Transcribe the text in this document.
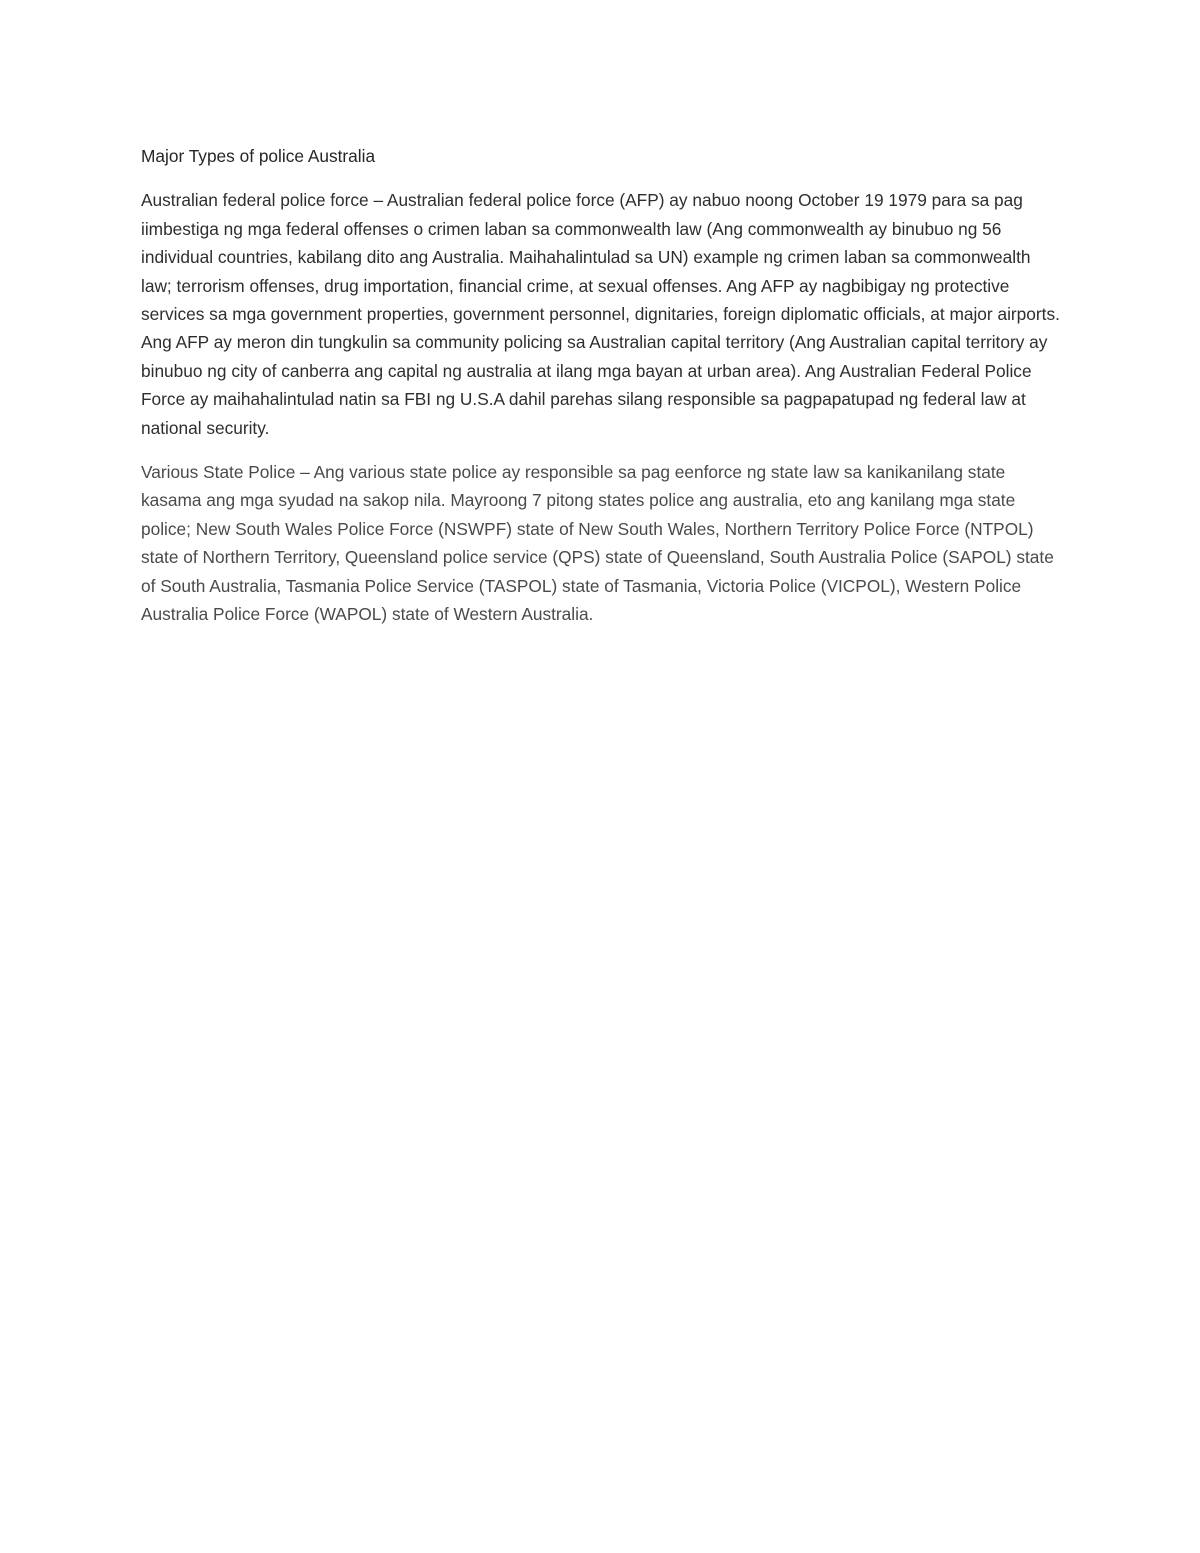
Major Types of police Australia

Australian federal police force – Australian federal police force (AFP) ay nabuo noong October 19 1979 para sa pag iimbestiga ng mga federal offenses o crimen laban sa commonwealth law (Ang commonwealth ay binubuo ng 56 individual countries, kabilang dito ang Australia. Maihahalintulad sa UN) example ng crimen laban sa commonwealth law; terrorism offenses, drug importation, financial crime, at sexual offenses. Ang AFP ay nagbibigay ng protective services sa mga government properties, government personnel, dignitaries, foreign diplomatic officials, at major airports. Ang AFP ay meron din tungkulin sa community policing sa Australian capital territory (Ang Australian capital territory ay binubuo ng city of canberra ang capital ng australia at ilang mga bayan at urban area). Ang Australian Federal Police Force ay maihahalintulad natin sa FBI ng U.S.A dahil parehas silang responsible sa pagpapatupad ng federal law at national security.

Various State Police – Ang various state police ay responsible sa pag eenforce ng state law sa kanikanilang state kasama ang mga syudad na sakop nila. Mayroong 7 pitong states police ang australia, eto ang kanilang mga state police; New South Wales Police Force (NSWPF) state of New South Wales, Northern Territory Police Force (NTPOL) state of Northern Territory, Queensland police service (QPS) state of Queensland, South Australia Police (SAPOL) state of South Australia, Tasmania Police Service (TASPOL) state of Tasmania, Victoria Police (VICPOL), Western Police Australia Police Force (WAPOL) state of Western Australia.
